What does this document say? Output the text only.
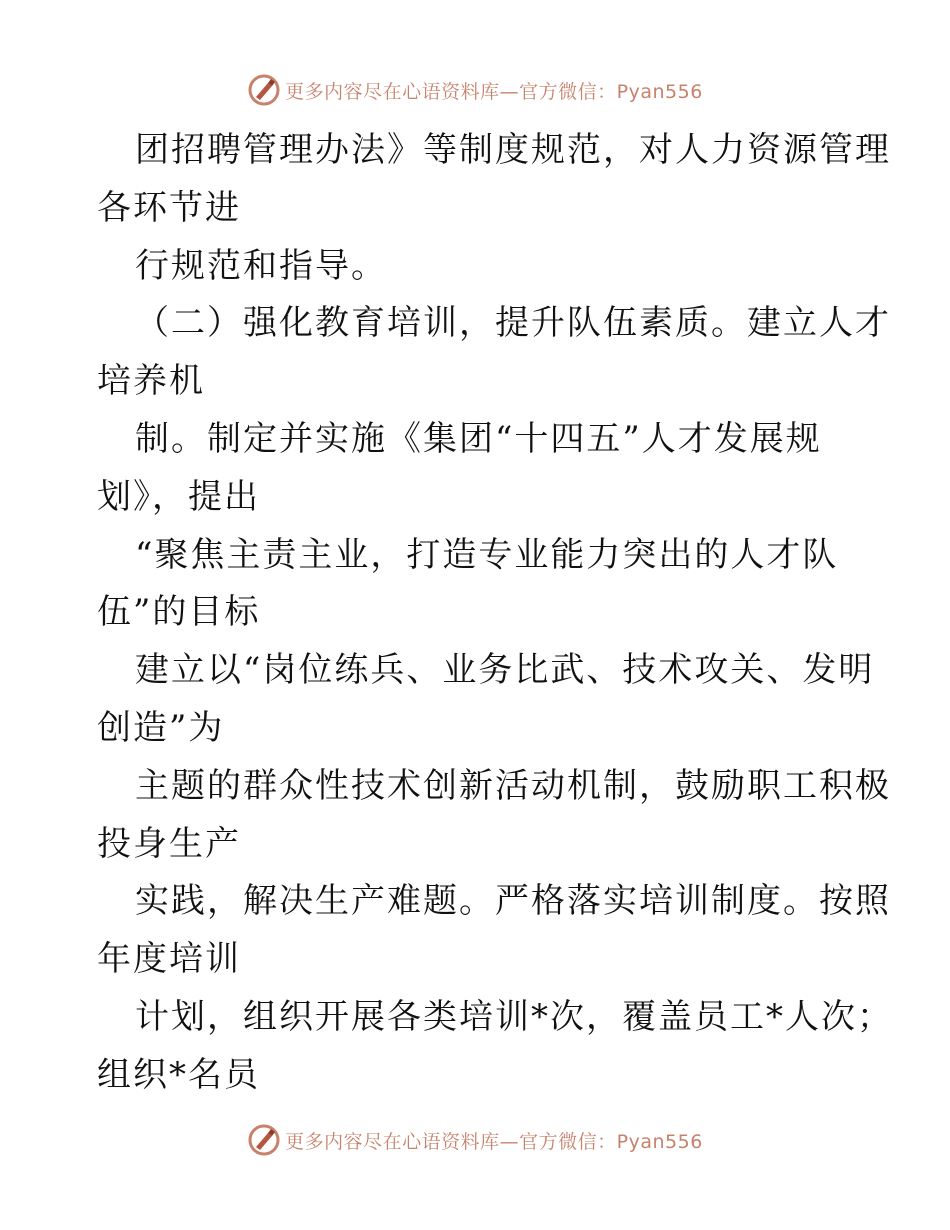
更多内容尽在心语资料库—官方微信：Pyan556
团招聘管理办法》等制度规范，对人力资源管理
各环节进
行规范和指导。
（二）强化教育培训，提升队伍素质。建立人才
培养机
制。制定并实施《集团“十四五”人才发展规
划》，提出
“聚焦主责主业，打造专业能力突出的人才队
伍”的目标
建立以“岗位练兵、业务比武、技术攻关、发明
创造”为
主题的群众性技术创新活动机制，鼓励职工积极
投身生产
实践，解决生产难题。严格落实培训制度。按照
年度培训
计划，组织开展各类培训*次，覆盖员工*人次；
组织*名员
更多内容尽在心语资料库—官方微信：Pyan556
